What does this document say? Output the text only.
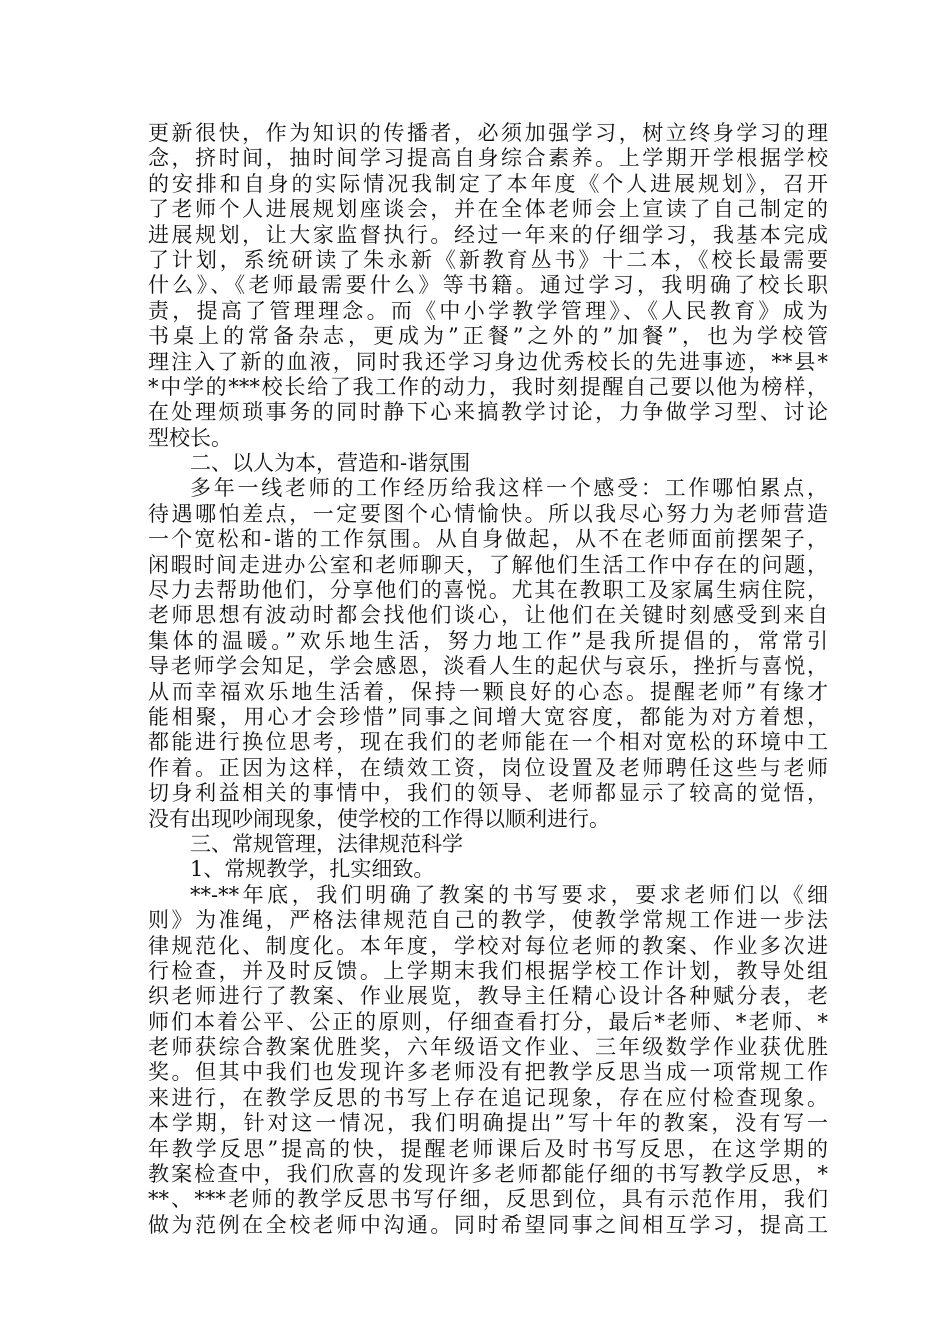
更新很快，作为知识的传播者，必须加强学习，树立终身学习的理
念，挤时间，抽时间学习提高自身综合素养。上学期开学根据学校
的安排和自身的实际情况我制定了本年度《个人进展规划》，召开
了老师个人进展规划座谈会，并在全体老师会上宣读了自己制定的
进展规划，让大家监督执行。经过一年来的仔细学习，我基本完成
了计划，系统研读了朱永新《新教育丛书》十二本，《校长最需要
什么》、《老师最需要什么》等书籍。通过学习，我明确了校长职
责，提高了管理理念。而《中小学教学管理》、《人民教育》成为
书桌上的常备杂志，更成为”正餐”之外的”加餐”，也为学校管
理注入了新的血液，同时我还学习身边优秀校长的先进事迹，**县*
*中学的***校长给了我工作的动力，我时刻提醒自己要以他为榜样，
在处理烦琐事务的同时静下心来搞教学讨论，力争做学习型、讨论
型校长。
二、以人为本，营造和-谐氛围
多年一线老师的工作经历给我这样一个感受：工作哪怕累点，
待遇哪怕差点，一定要图个心情愉快。所以我尽心努力为老师营造
一个宽松和-谐的工作氛围。从自身做起，从不在老师面前摆架子，
闲暇时间走进办公室和老师聊天，了解他们生活工作中存在的问题，
尽力去帮助他们，分享他们的喜悦。尤其在教职工及家属生病住院，
老师思想有波动时都会找他们谈心，让他们在关键时刻感受到来自
集体的温暖。”欢乐地生活，努力地工作”是我所提倡的，常常引
导老师学会知足，学会感恩，淡看人生的起伏与哀乐，挫折与喜悦，
从而幸福欢乐地生活着，保持一颗良好的心态。提醒老师”有缘才
能相聚，用心才会珍惜”同事之间增大宽容度，都能为对方着想，
都能进行换位思考，现在我们的老师能在一个相对宽松的环境中工
作着。正因为这样，在绩效工资，岗位设置及老师聘任这些与老师
切身利益相关的事情中，我们的领导、老师都显示了较高的觉悟，
没有出现吵闹现象，使学校的工作得以顺利进行。
三、常规管理，法律规范科学
1、常规教学，扎实细致。
**-**年底，我们明确了教案的书写要求，要求老师们以《细
则》为准绳，严格法律规范自己的教学，使教学常规工作进一步法
律规范化、制度化。本年度，学校对每位老师的教案、作业多次进
行检查，并及时反馈。上学期末我们根据学校工作计划，教导处组
织老师进行了教案、作业展览，教导主任精心设计各种赋分表，老
师们本着公平、公正的原则，仔细查看打分，最后*老师、*老师、*
老师获综合教案优胜奖，六年级语文作业、三年级数学作业获优胜
奖。但其中我们也发现许多老师没有把教学反思当成一项常规工作
来进行，在教学反思的书写上存在追记现象，存在应付检查现象。
本学期，针对这一情况，我们明确提出”写十年的教案，没有写一
年教学反思”提高的快，提醒老师课后及时书写反思，在这学期的
教案检查中，我们欣喜的发现许多老师都能仔细的书写教学反思，*
**、***老师的教学反思书写仔细，反思到位，具有示范作用，我们
做为范例在全校老师中沟通。同时希望同事之间相互学习，提高工
